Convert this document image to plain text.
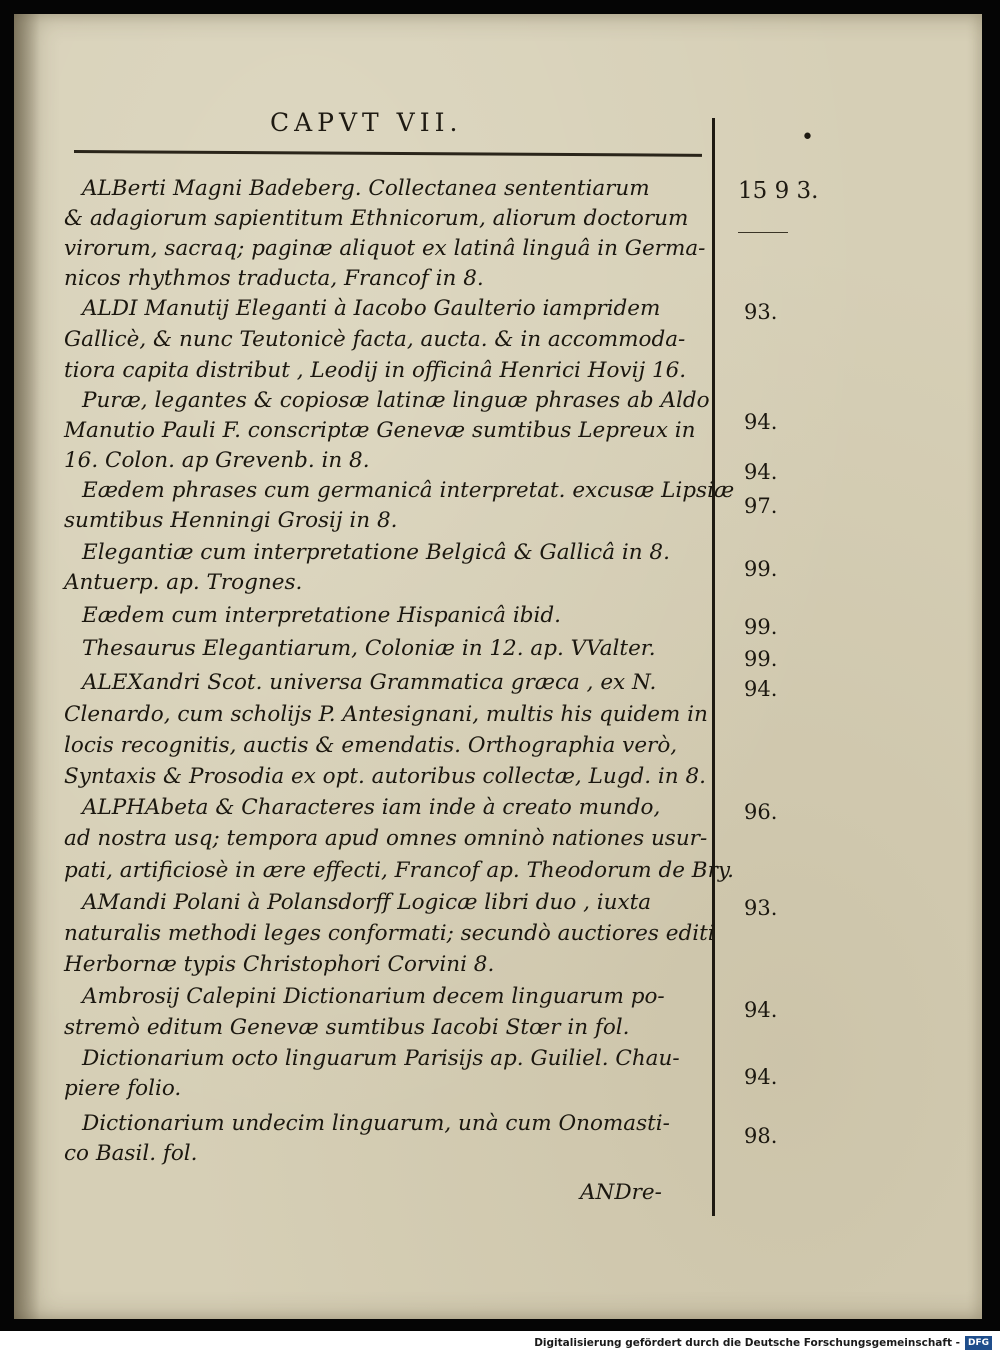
CAPVT VII.
•
15 9 3.
ALBerti Magni Badeberg. Collectanea sententiarum
& adagiorum sapientitum Ethnicorum, aliorum doctorum
virorum, sacraq; paginæ aliquot ex latinâ linguâ in Germa-
nicos rhythmos traducta, Francof in 8.
ALDI Manutij Eleganti à Iacobo Gaulterio iampridem
Gallicè, & nunc Teutonicè facta, aucta. & in accommoda-
tiora capita distribut , Leodij in officinâ Henrici Hovij 16.
Puræ, legantes & copiosæ latinæ linguæ phrases ab Aldo
Manutio Pauli F. conscriptæ Genevæ sumtibus Lepreux in
16. Colon. ap Grevenb. in 8.
Eædem phrases cum germanicâ interpretat. excusæ Lipsiæ
sumtibus Henningi Grosij in 8.
Elegantiæ cum interpretatione Belgicâ & Gallicâ in 8.
Antuerp. ap. Trognes.
Eædem cum interpretatione Hispanicâ ibid.
Thesaurus Elegantiarum, Coloniæ in 12. ap. VValter.
ALEXandri Scot. universa Grammatica græca , ex N.
Clenardo, cum scholijs P. Antesignani, multis his quidem in
locis recognitis, auctis & emendatis. Orthographia verò,
Syntaxis & Prosodia ex opt. autoribus collectæ, Lugd. in 8.
ALPHAbeta & Characteres iam inde à creato mundo,
ad nostra usq; tempora apud omnes omninò nationes usur-
pati, artificiosè in ære effecti, Francof ap. Theodorum de Bry.
AMandi Polani à Polansdorff Logicæ libri duo , iuxta
naturalis methodi leges conformati; secundò auctiores editi
Herbornæ typis Christophori Corvini 8.
Ambrosij Calepini Dictionarium decem linguarum po-
stremò editum Genevæ sumtibus Iacobi Stœr in fol.
Dictionarium octo linguarum Parisijs ap. Guiliel. Chau-
piere folio.
Dictionarium undecim linguarum, unà cum Onomasti-
co Basil. fol.
ANDre-
93.
94.
94.
97.
99.
99.
99.
94.
96.
93.
94.
94.
98.
Digitalisierung gefördert durch die Deutsche Forschungsgemeinschaft - DFG
